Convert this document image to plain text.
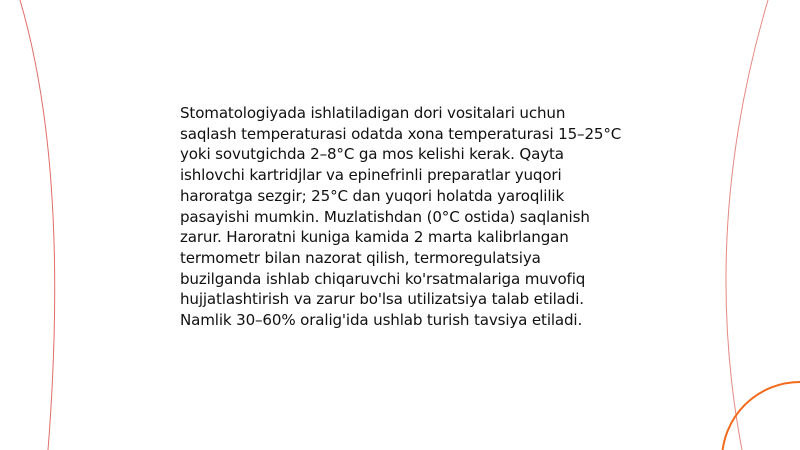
Stomatologiyada ishlatiladigan dori vositalari uchun saqlash temperaturasi odatda xona temperaturasi 15–25°C yoki sovutgichda 2–8°C ga mos kelishi kerak. Qayta ishlovchi kartridjlar va epinefrinli preparatlar yuqori haroratga sezgir; 25°C dan yuqori holatda yaroqlilik pasayishi mumkin. Muzlatishdan (0°C ostida) saqlanish zarur. Haroratni kuniga kamida 2 marta kalibrlangan termometr bilan nazorat qilish, termoregulatsiya buzilganda ishlab chiqaruvchi ko'rsatmalariga muvofiq hujjatlashtirish va zarur bo'lsa utilizatsiya talab etiladi. Namlik 30–60% oralig'ida ushlab turish tavsiya etiladi.
